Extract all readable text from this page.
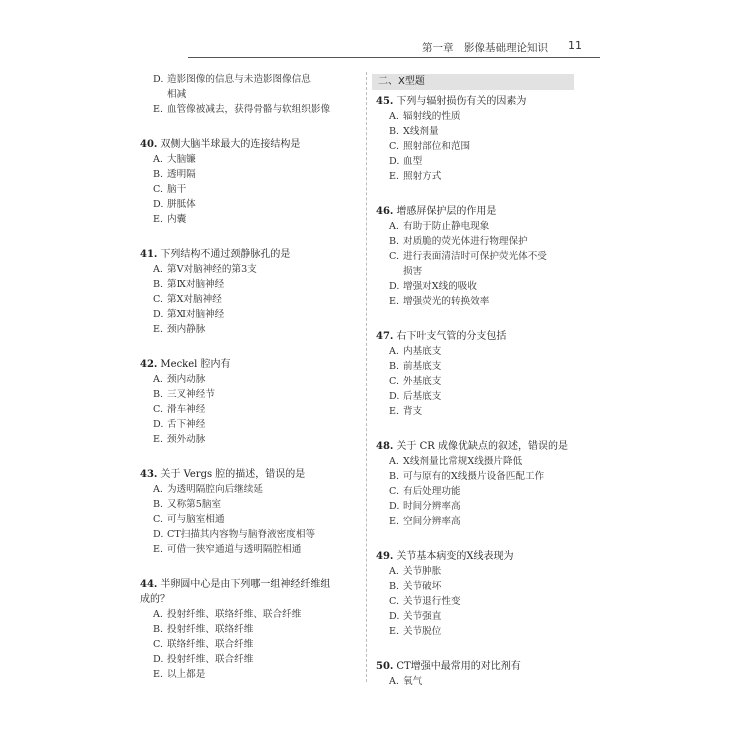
第一章　影像基础理论知识 11
D. 造影图像的信息与未造影图像信息
相减
E. 血管像被减去，获得骨骼与软组织影像
40. 双侧大脑半球最大的连接结构是
A. 大脑镰
B. 透明隔
C. 脑干
D. 胼胝体
E. 内囊
41. 下列结构不通过颈静脉孔的是
A. 第Ⅴ对脑神经的第3支
B. 第Ⅸ对脑神经
C. 第Ⅹ对脑神经
D. 第Ⅺ对脑神经
E. 颈内静脉
42. Meckel 腔内有
A. 颈内动脉
B. 三叉神经节
C. 滑车神经
D. 舌下神经
E. 颈外动脉
43. 关于 Vergs 腔的描述，错误的是
A. 为透明隔腔向后继续延
B. 又称第5脑室
C. 可与脑室相通
D. CT扫描其内容物与脑脊液密度相等
E. 可借一狭窄通道与透明隔腔相通
44. 半卵圆中心是由下列哪一组神经纤维组
成的？
A. 投射纤维、联络纤维、联合纤维
B. 投射纤维、联络纤维
C. 联络纤维、联合纤维
D. 投射纤维、联合纤维
E. 以上都是
二、X型题
45. 下列与辐射损伤有关的因素为
A. 辐射线的性质
B. X线剂量
C. 照射部位和范围
D. 血型
E. 照射方式
46. 增感屏保护层的作用是
A. 有助于防止静电现象
B. 对质脆的荧光体进行物理保护
C. 进行表面清洁时可保护荧光体不受
损害
D. 增强对X线的吸收
E. 增强荧光的转换效率
47. 右下叶支气管的分支包括
A. 内基底支
B. 前基底支
C. 外基底支
D. 后基底支
E. 背支
48. 关于 CR 成像优缺点的叙述，错误的是
A. X线剂量比常规X线摄片降低
B. 可与原有的X线摄片设备匹配工作
C. 有后处理功能
D. 时间分辨率高
E. 空间分辨率高
49. 关节基本病变的X线表现为
A. 关节肿胀
B. 关节破坏
C. 关节退行性变
D. 关节强直
E. 关节脱位
50. CT增强中最常用的对比剂有
A. 氧气
